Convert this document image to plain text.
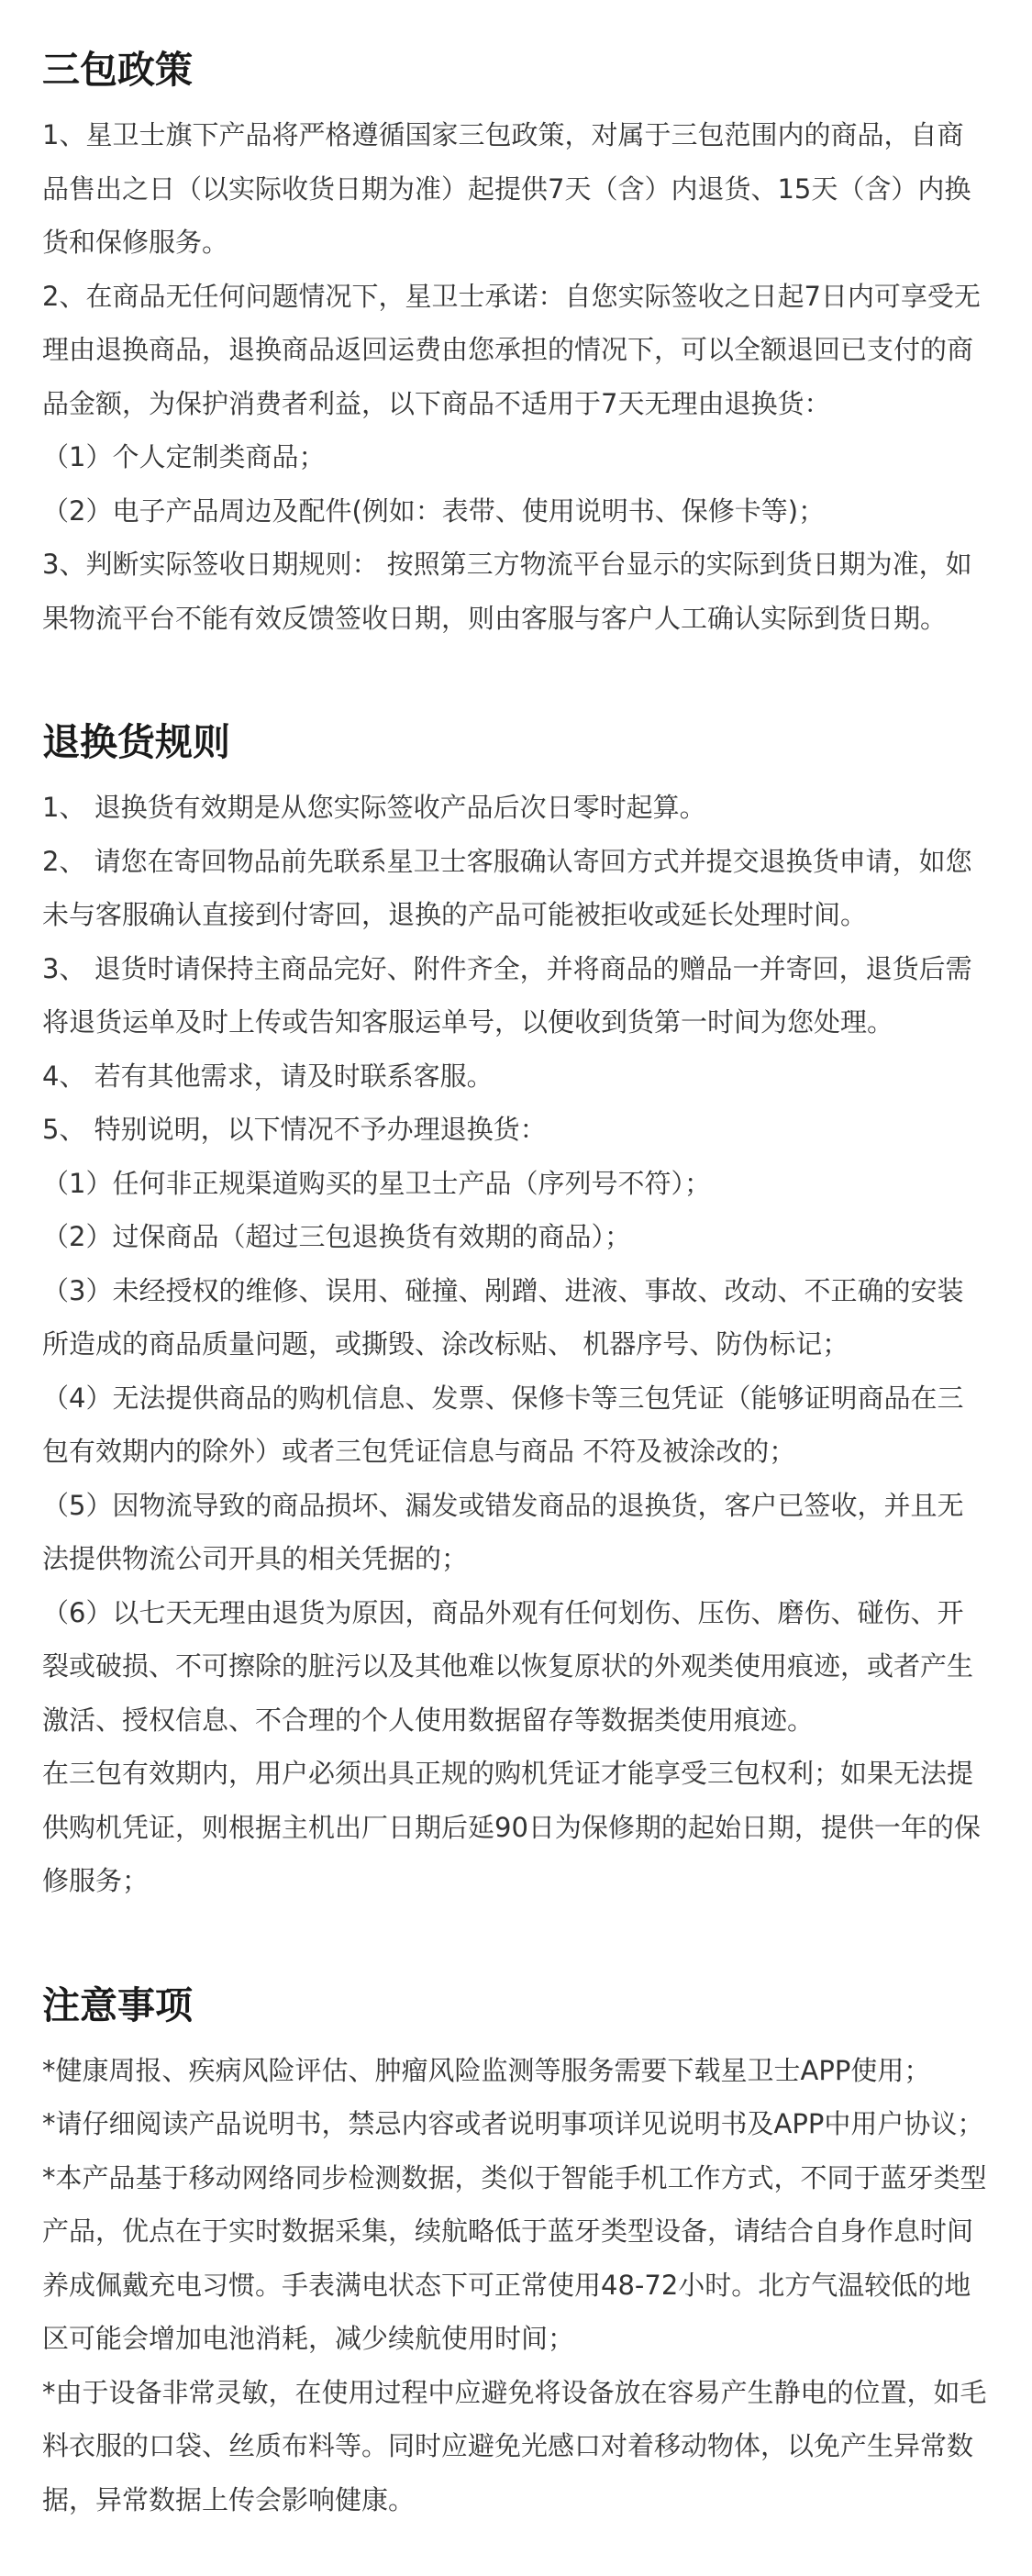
三包政策

1、星卫士旗下产品将严格遵循国家三包政策，对属于三包范围内的商品，自商品售出之日（以实际收货日期为准）起提供7天（含）内退货、15天（含）内换货和保修服务。

2、在商品无任何问题情况下，星卫士承诺：自您实际签收之日起7日内可享受无理由退换商品，退换商品返回运费由您承担的情况下，可以全额退回已支付的商品金额，为保护消费者利益，以下商品不适用于7天无理由退换货：

（1）个人定制类商品；

（2）电子产品周边及配件(例如：表带、使用说明书、保修卡等)；

3、判断实际签收日期规则： 按照第三方物流平台显示的实际到货日期为准，如果物流平台不能有效反馈签收日期，则由客服与客户人工确认实际到货日期。

退换货规则

1、 退换货有效期是从您实际签收产品后次日零时起算。

2、 请您在寄回物品前先联系星卫士客服确认寄回方式并提交退换货申请，如您未与客服确认直接到付寄回，退换的产品可能被拒收或延长处理时间。

3、 退货时请保持主商品完好、附件齐全，并将商品的赠品一并寄回，退货后需将退货运单及时上传或告知客服运单号，以便收到货第一时间为您处理。

4、 若有其他需求，请及时联系客服。

5、 特别说明，以下情况不予办理退换货：

（1）任何非正规渠道购买的星卫士产品（序列号不符）；

（2）过保商品（超过三包退换货有效期的商品）；

（3）未经授权的维修、误用、碰撞、剐蹭、进液、事故、改动、不正确的安装所造成的商品质量问题，或撕毁、涂改标贴、 机器序号、防伪标记；

（4）无法提供商品的购机信息、发票、保修卡等三包凭证（能够证明商品在三包有效期内的除外）或者三包凭证信息与商品 不符及被涂改的；

（5）因物流导致的商品损坏、漏发或错发商品的退换货，客户已签收，并且无法提供物流公司开具的相关凭据的；

（6）以七天无理由退货为原因，商品外观有任何划伤、压伤、磨伤、碰伤、开裂或破损、不可擦除的脏污以及其他难以恢复原状的外观类使用痕迹，或者产生激活、授权信息、不合理的个人使用数据留存等数据类使用痕迹。

在三包有效期内，用户必须出具正规的购机凭证才能享受三包权利；如果无法提供购机凭证，则根据主机出厂日期后延90日为保修期的起始日期，提供一年的保修服务；

注意事项

*健康周报、疾病风险评估、肿瘤风险监测等服务需要下载星卫士APP使用；

*请仔细阅读产品说明书，禁忌内容或者说明事项详见说明书及APP中用户协议；

*本产品基于移动网络同步检测数据，类似于智能手机工作方式，不同于蓝牙类型产品，优点在于实时数据采集，续航略低于蓝牙类型设备，请结合自身作息时间养成佩戴充电习惯。手表满电状态下可正常使用48-72小时。北方气温较低的地区可能会增加电池消耗，减少续航使用时间；

*由于设备非常灵敏，在使用过程中应避免将设备放在容易产生静电的位置，如毛料衣服的口袋、丝质布料等。同时应避免光感口对着移动物体，以免产生异常数据，异常数据上传会影响健康。
